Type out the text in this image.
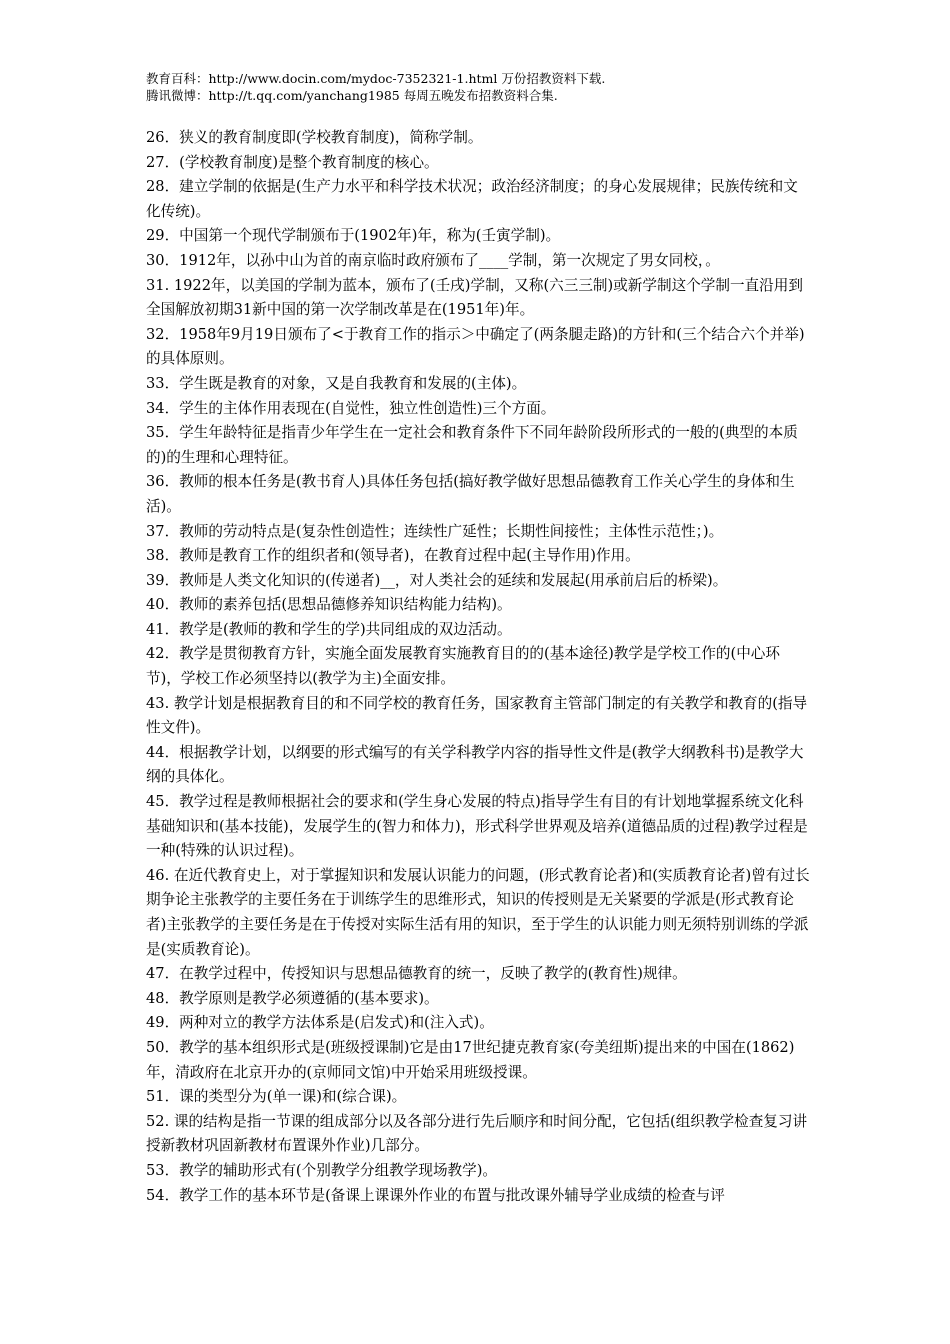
教育百科：http://www.docin.com/mydoc-7352321-1.html 万份招教资料下载.
腾讯微博：http://t.qq.com/yanchang1985 每周五晚发布招教资料合集.

26．狭义的教育制度即(学校教育制度)，简称学制。

27．(学校教育制度)是整个教育制度的核心。

28．建立学制的依据是(生产力水平和科学技术状况；政治经济制度；的身心发展规律；民族传统和文化传统)。

29．中国第一个现代学制颁布于(1902年)年，称为(壬寅学制)。

30．1912年，以孙中山为首的南京临时政府颁布了____学制，第一次规定了男女同校，。

31. 1922年，以美国的学制为蓝本，颁布了(壬戌)学制，又称(六三三制)或新学制这个学制一直沿用到全国解放初期31新中国的第一次学制改革是在(1951年)年。

32．1958年9月19日颁布了<于教育工作的指示＞中确定了(两条腿走路)的方针和(三个结合六个并举)的具体原则。

33．学生既是教育的对象，又是自我教育和发展的(主体)。

34．学生的主体作用表现在(自觉性，独立性创造性)三个方面。

35．学生年龄特征是指青少年学生在一定社会和教育条件下不同年龄阶段所形式的一般的(典型的本质的)的生理和心理特征。

36．教师的根本任务是(教书育人)具体任务包括(搞好教学做好思想品德教育工作关心学生的身体和生活)。

37．教师的劳动特点是(复杂性创造性；连续性广延性；长期性间接性；主体性示范性；)。

38．教师是教育工作的组织者和(领导者)，在教育过程中起(主导作用)作用。

39．教师是人类文化知识的(传递者)__，对人类社会的延续和发展起(用承前启后的桥梁)。

40．教师的素养包括(思想品德修养知识结构能力结构)。

41．教学是(教师的教和学生的学)共同组成的双边活动。

42．教学是贯彻教育方针，实施全面发展教育实施教育目的的(基本途径)教学是学校工作的(中心环节)，学校工作必须坚持以(教学为主)全面安排。

43. 教学计划是根据教育目的和不同学校的教育任务，国家教育主管部门制定的有关教学和教育的(指导性文件)。

44．根据教学计划，以纲要的形式编写的有关学科教学内容的指导性文件是(教学大纲教科书)是教学大纲的具体化。

45．教学过程是教师根据社会的要求和(学生身心发展的特点)指导学生有目的有计划地掌握系统文化科基础知识和(基本技能)，发展学生的(智力和体力)，形式科学世界观及培养(道德品质的过程)教学过程是一种(特殊的认识过程)。

46. 在近代教育史上，对于掌握知识和发展认识能力的问题，(形式教育论者)和(实质教育论者)曾有过长期争论主张教学的主要任务在于训练学生的思维形式，知识的传授则是无关紧要的学派是(形式教育论者)主张教学的主要任务是在于传授对实际生活有用的知识，至于学生的认识能力则无须特别训练的学派是(实质教育论)。

47．在教学过程中，传授知识与思想品德教育的统一，反映了教学的(教育性)规律。

48．教学原则是教学必须遵循的(基本要求)。

49．两种对立的教学方法体系是(启发式)和(注入式)。

50．教学的基本组织形式是(班级授课制)它是由17世纪捷克教育家(夸美纽斯)提出来的中国在(1862)年，清政府在北京开办的(京师同文馆)中开始采用班级授课。

51．课的类型分为(单一课)和(综合课)。

52. 课的结构是指一节课的组成部分以及各部分进行先后顺序和时间分配，它包括(组织教学检查复习讲授新教材巩固新教材布置课外作业)几部分。

53．教学的辅助形式有(个别教学分组教学现场教学)。

54．教学工作的基本环节是(备课上课课外作业的布置与批改课外辅导学业成绩的检查与评
